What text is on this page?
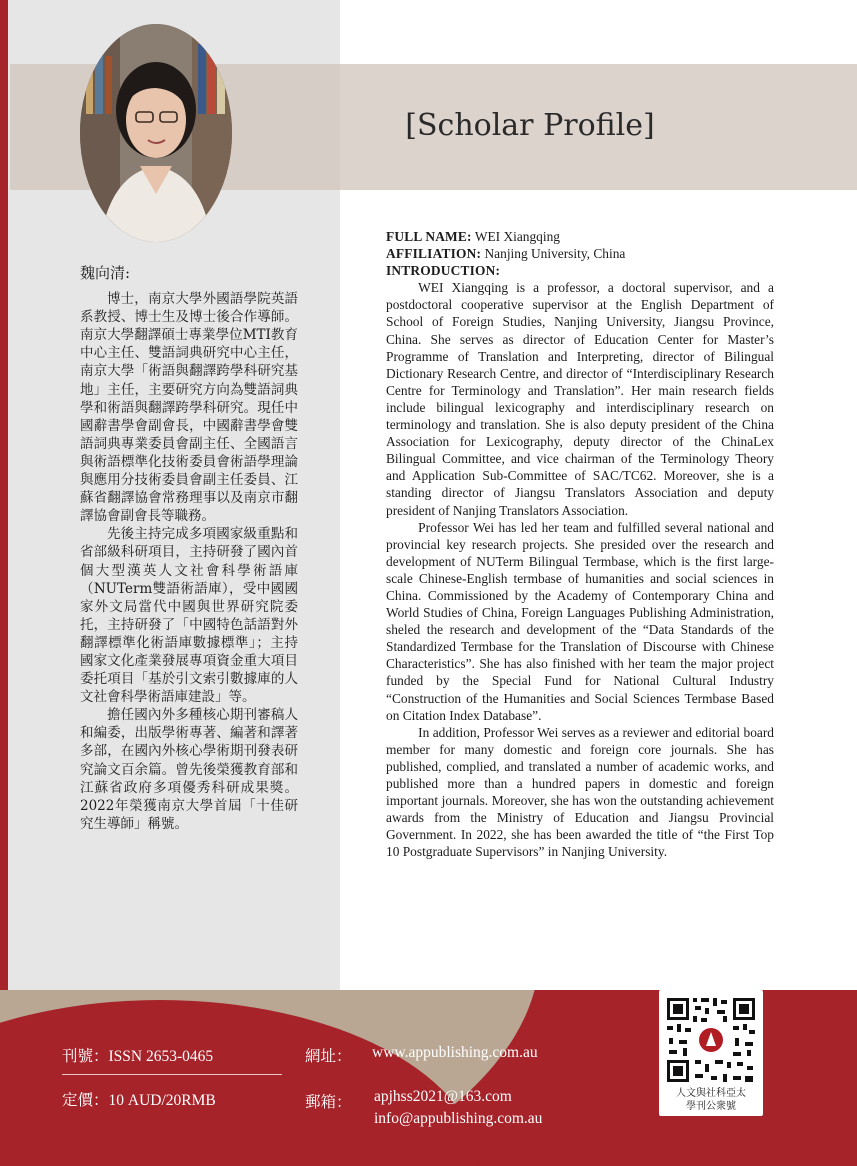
[Scholar Profile]
魏向清:

博士，南京大學外國語學院英語系教授、博士生及博士後合作導師。南京大學翻譯碩士專業學位MTI教育中心主任、雙語詞典研究中心主任，南京大學「術語與翻譯跨學科研究基地」主任，主要研究方向為雙語詞典學和術語與翻譯跨學科研究。現任中國辭書學會副會長，中國辭書學會雙語詞典專業委員會副主任、全國語言與術語標準化技術委員會術語學理論與應用分技術委員會副主任委員、江蘇省翻譯協會常務理事以及南京市翻譯協會副會長等職務。

先後主持完成多項國家級重點和省部級科研項目，主持研發了國內首個大型漢英人文社會科學術語庫（NUTerm雙語術語庫），受中國國家外文局當代中國與世界研究院委托，主持研發了「中國特色話語對外翻譯標準化術語庫數據標準」；主持國家文化產業發展專項資金重大項目委托項目「基於引文索引數據庫的人文社會科學術語庫建設」等。

擔任國內外多種核心期刊審稿人和編委，出版學術專著、編著和譯著多部，在國內外核心學術期刊發表研究論文百余篇。曾先後榮獲教育部和江蘇省政府多項優秀科研成果獎。2022年榮獲南京大學首屆「十佳研究生導師」稱號。

FULL NAME: WEI Xiangqing

AFFILIATION: Nanjing University, China

INTRODUCTION:

WEI Xiangqing is a professor, a doctoral supervisor, and a postdoctoral cooperative supervisor at the English Department of School of Foreign Studies, Nanjing University, Jiangsu Province, China. She serves as director of Education Center for Master’s Programme of Translation and Interpreting, director of Bilingual Dictionary Research Centre, and director of “Interdisciplinary Research Centre for Terminology and Translation”. Her main research fields include bilingual lexicography and interdisciplinary research on terminology and translation. She is also deputy president of the China Association for Lexicography, deputy director of the ChinaLex Bilingual Committee, and vice chairman of the Terminology Theory and Application Sub-Committee of SAC/TC62. Moreover, she is a standing director of Jiangsu Translators Association and deputy president of Nanjing Translators Association.

Professor Wei has led her team and fulfilled several national and provincial key research projects. She presided over the research and development of NUTerm Bilingual Termbase, which is the first large-scale Chinese-English termbase of humanities and social sciences in China. Commissioned by the Academy of Contemporary China and World Studies of China, Foreign Languages Publishing Administration, sheled the research and development of the “Data Standards of the Standardized Termbase for the Translation of Discourse with Chinese Characteristics”. She has also finished with her team the major project funded by the Special Fund for National Cultural Industry “Construction of the Humanities and Social Sciences Termbase Based on Citation Index Database”.

In addition, Professor Wei serves as a reviewer and editorial board member for many domestic and foreign core journals. She has published, complied, and translated a number of academic works, and published more than a hundred papers in domestic and foreign important journals. Moreover, she has won the outstanding achievement awards from the Ministry of Education and Jiangsu Provincial Government. In 2022, she has been awarded the title of “the First Top 10 Postgraduate Supervisors” in Nanjing University.

刊號：ISSN 2653-0465
定價：10 AUD/20RMB
網址： www.appublishing.com.au
郵箱： apjhss2021@163.com
info@appublishing.com.au
人文與社科亞太
學刊公衆號
